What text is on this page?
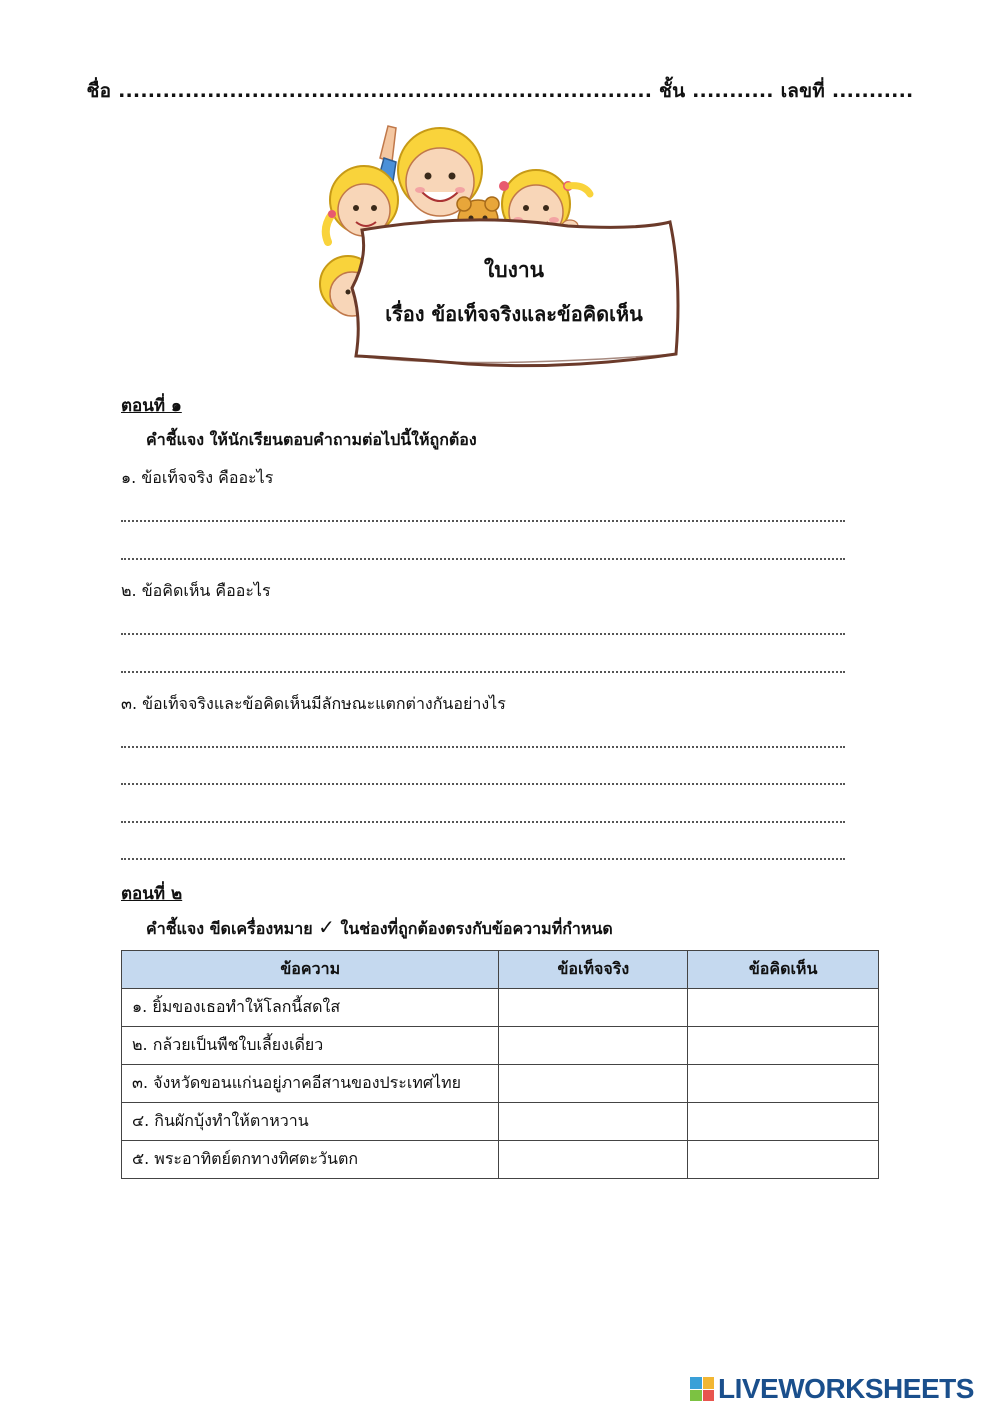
ชื่อ ........................................................................ ชั้น ........... เลขที่ ...........
ใบงาน
เรื่อง ข้อเท็จจริงและข้อคิดเห็น
ตอนที่ ๑
คำชี้แจง ให้นักเรียนตอบคำถามต่อไปนี้ให้ถูกต้อง
๑. ข้อเท็จจริง คืออะไร
๒. ข้อคิดเห็น คืออะไร
๓. ข้อเท็จจริงและข้อคิดเห็นมีลักษณะแตกต่างกันอย่างไร
ตอนที่ ๒
คำชี้แจง ขีดเครื่องหมาย ✓ ในช่องที่ถูกต้องตรงกับข้อความที่กำหนด
ข้อความ	ข้อเท็จจริง	ข้อคิดเห็น
๑. ยิ้มของเธอทำให้โลกนี้สดใส		
๒. กล้วยเป็นพืชใบเลี้ยงเดี่ยว		
๓. จังหวัดขอนแก่นอยู่ภาคอีสานของประเทศไทย		
๔. กินผักบุ้งทำให้ตาหวาน		
๕. พระอาทิตย์ตกทางทิศตะวันตก		
LIVEWORKSHEETS
